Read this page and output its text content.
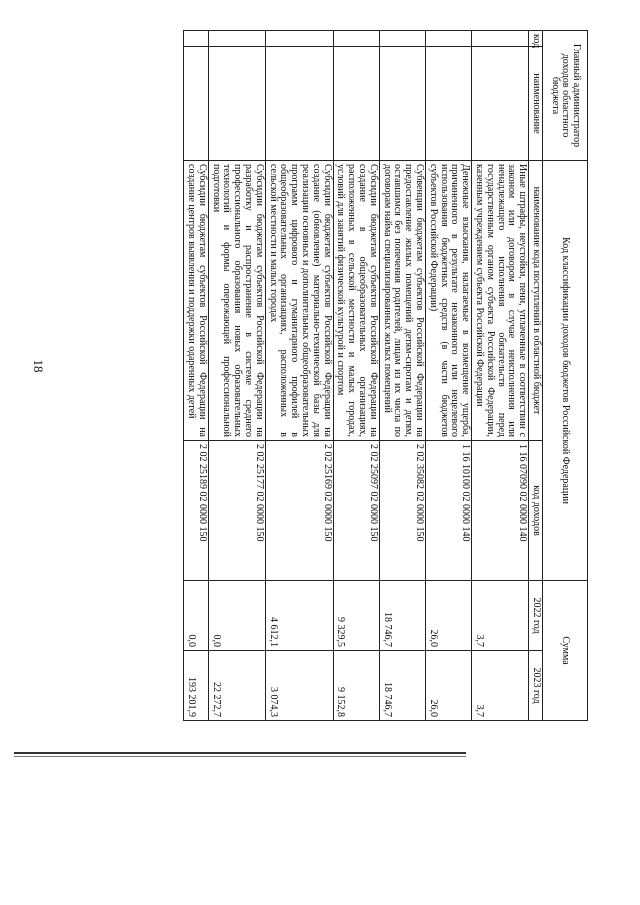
18
Главный администратор доходов областного бюджета		Код классификации доходов бюджетов Российской Федерации		Сумма	
код	наименование	наименование кода поступлений в областной бюджет	код доходов	2022 год	2023 год
		Иные штрафы, неустойки, пени, уплаченные в соответствии с законом или договором в случае неисполнения или ненадлежащего исполнения обязательств перед государственным органом субъекта Российской Федерации, казенным учреждением субъекта Российской Федерации	1 16 07090 02 0000 140	3,7	3,7
		Денежные взыскания, налагаемые в возмещение ущерба, причиненного в результате незаконного или нецелевого использования бюджетных средств (в части бюджетов субъектов Российской Федерации)	1 16 10100 02 0000 140	26,0	26,0
		Субвенции бюджетам субъектов Российской Федерации на предоставление жилых помещений детям-сиротам и детям, оставшимся без попечения родителей, лицам из их числа по договорам найма специализированных жилых помещений	2 02 35082 02 0000 150	18 746,7	18 746,7
		Субсидии бюджетам субъектов Российской Федерации на создание в общеобразовательных организациях, расположенных в сельской местности и малых городах, условий для занятий физической культурой и спортом	2 02 25097 02 0000 150	9 329,5	9 152,8
		Субсидии бюджетам субъектов Российской Федерации на создание (обновление) материально-технической базы для реализации основных и дополнительных общеобразовательных программ цифрового и гуманитарного профилей в общеобразовательных организациях, расположенных в сельской местности и малых городах	2 02 25169 02 0000 150	4 612,1	3 074,3
		Субсидии бюджетам субъектов Российской Федерации на разработку и распространение в системе среднего профессионального образования новых образовательных технологий и формы опережающей профессиональной подготовки	2 02 25177 02 0000 150	0,0	22 272,7
		Субсидии бюджетам субъектов Российской Федерации на создание центров выявления и поддержки одаренных детей	2 02 25189 02 0000 150	0,0	193 201,9
